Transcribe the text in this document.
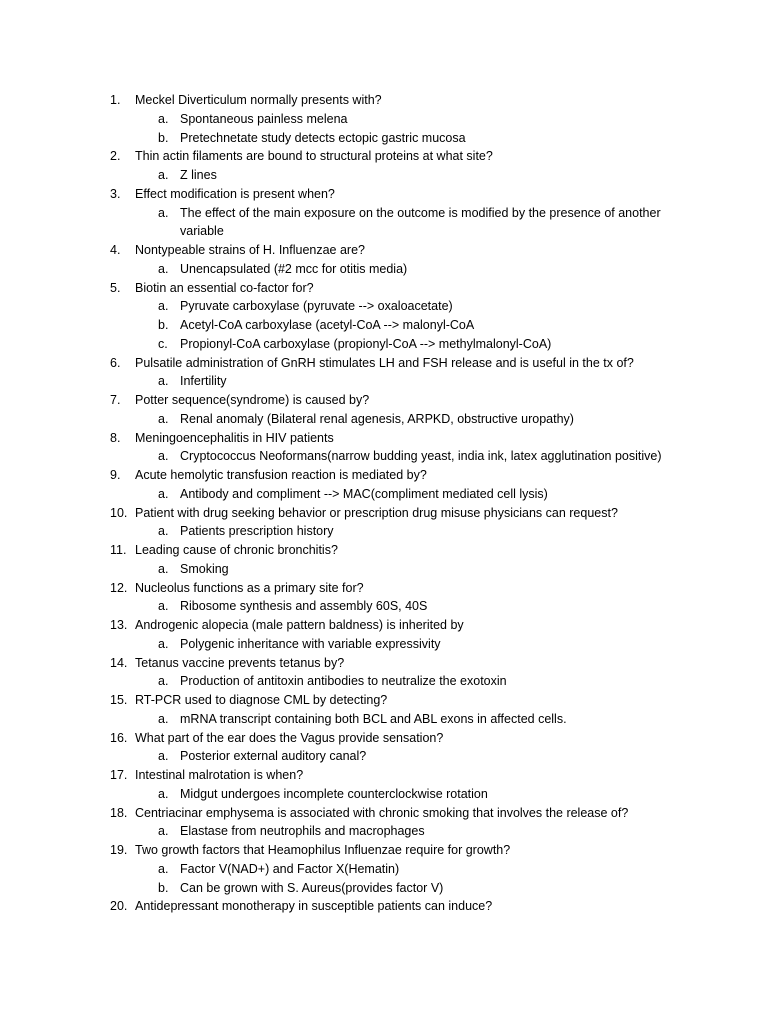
1.	Meckel Diverticulum normally presents with?
a. Spontaneous painless melena
b. Pretechnetate study detects ectopic gastric mucosa
2.	Thin actin filaments are bound to structural proteins at what site?
a. Z lines
3.	Effect modification is present when?
a. The effect of the main exposure on the outcome is modified by the presence of another variable
4.	Nontypeable strains of H. Influenzae are?
a. Unencapsulated (#2 mcc for otitis media)
5.	Biotin an essential co-factor for?
a. Pyruvate carboxylase (pyruvate --> oxaloacetate)
b. Acetyl-CoA carboxylase (acetyl-CoA --> malonyl-CoA
c. Propionyl-CoA carboxylase (propionyl-CoA --> methylmalonyl-CoA)
6.	Pulsatile administration of GnRH stimulates LH and FSH release and is useful in the tx of?
a. Infertility
7.	Potter sequence(syndrome) is caused by?
a. Renal anomaly (Bilateral renal agenesis, ARPKD, obstructive uropathy)
8.	Meningoencephalitis in HIV patients
a. Cryptococcus Neoformans(narrow budding yeast, india ink, latex agglutination positive)
9.	Acute hemolytic transfusion reaction is mediated by?
a. Antibody and compliment --> MAC(compliment mediated cell lysis)
10. Patient with drug seeking behavior or prescription drug misuse physicians can request?
a. Patients prescription history
11. Leading cause of chronic bronchitis?
a. Smoking
12. Nucleolus functions as a primary site for?
a. Ribosome synthesis and assembly 60S, 40S
13. Androgenic alopecia (male pattern baldness) is inherited by
a. Polygenic inheritance with variable expressivity
14. Tetanus vaccine prevents tetanus by?
a. Production of antitoxin antibodies to neutralize the exotoxin
15. RT-PCR used to diagnose CML by detecting?
a. mRNA transcript containing both BCL and ABL exons in affected cells.
16. What part of the ear does the Vagus provide sensation?
a. Posterior external auditory canal?
17. Intestinal malrotation is when?
a. Midgut undergoes incomplete counterclockwise rotation
18. Centriacinar emphysema is associated with chronic smoking that involves the release of?
a. Elastase from neutrophils and macrophages
19. Two growth factors that Heamophilus Influenzae require for growth?
a. Factor V(NAD+) and Factor X(Hematin)
b. Can be grown with S. Aureus(provides factor V)
20. Antidepressant monotherapy in susceptible patients can induce?
